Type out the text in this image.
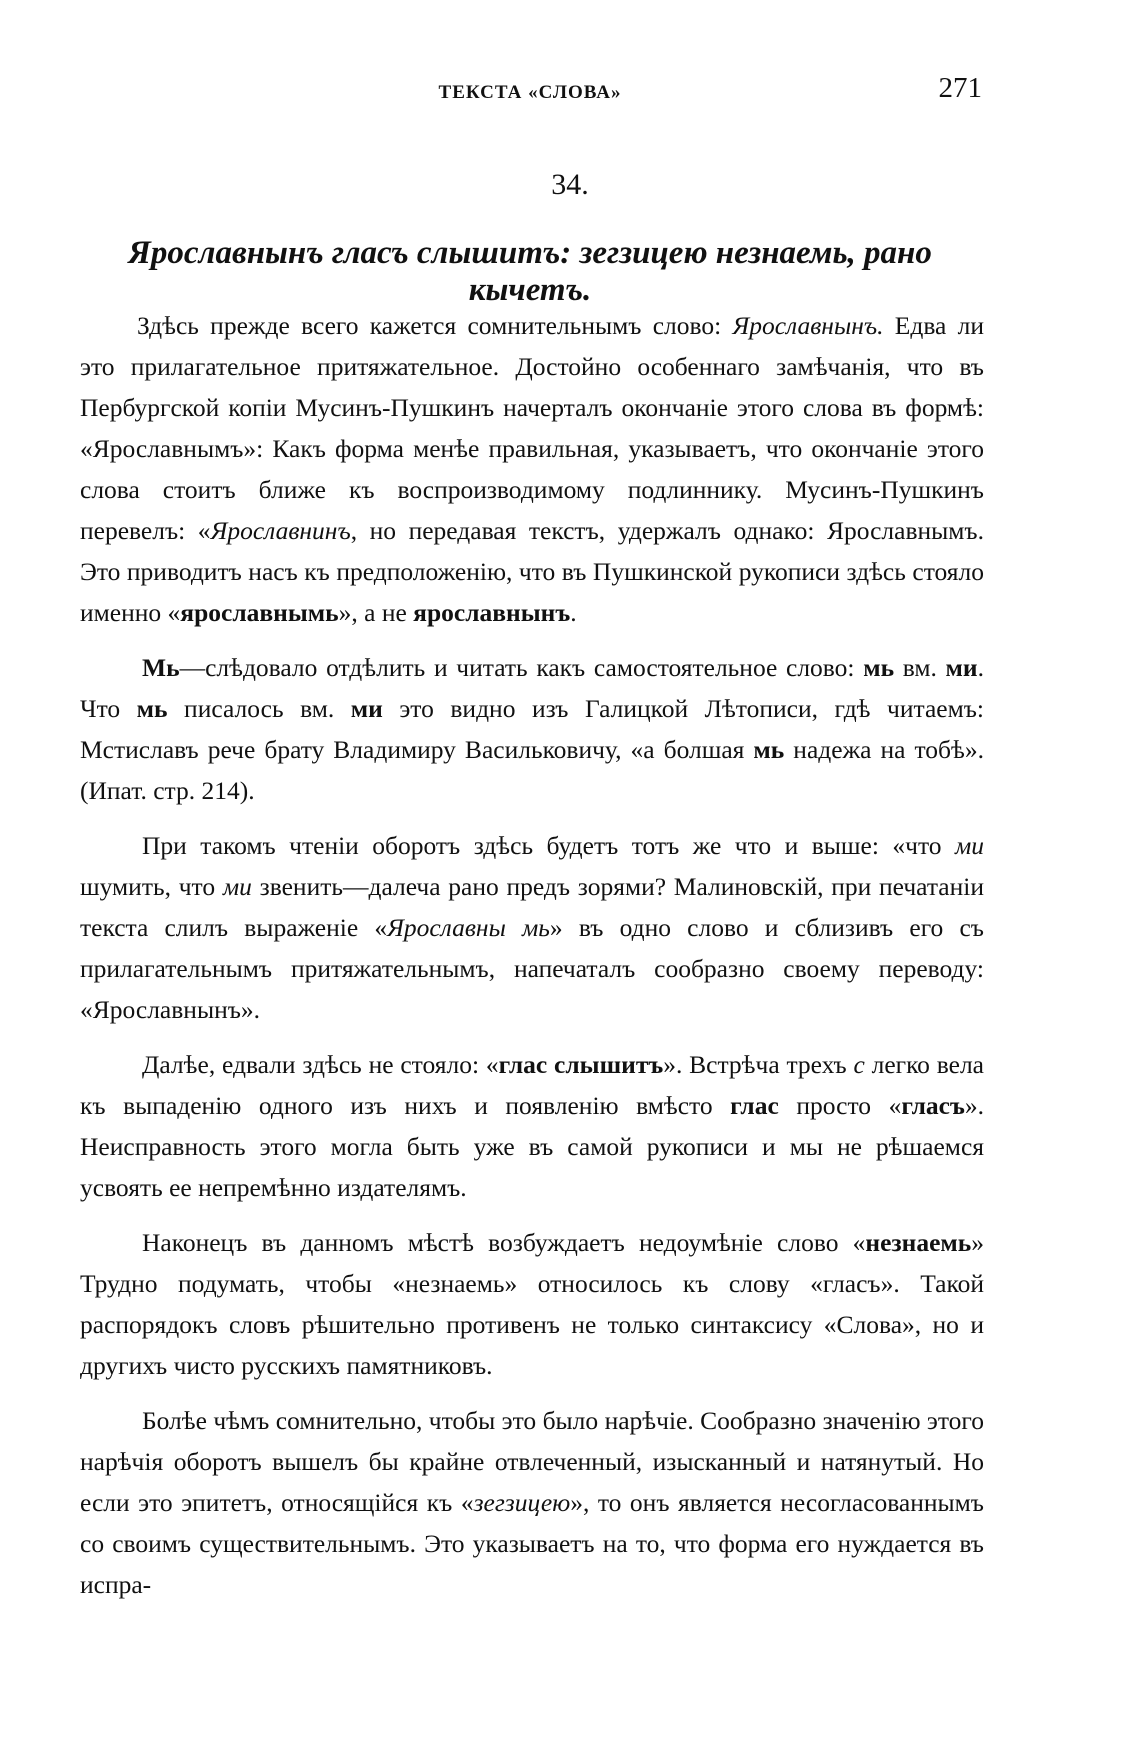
ТЕКСТА «СЛОВА»	271
34.
Ярославнынъ гласъ слышитъ: зегзицею незнаемь, рано кычетъ.

Здѣсь прежде всего кажется сомнительнымъ слово: Ярославнынъ. Едва ли это прилагательное притяжательное. Достойно особеннаго замѣчанія, что въ Пербургской копіи Мусинъ-Пушкинъ начерталъ окончаніе этого слова въ формѣ: «Ярославнымъ»: Какъ форма менѣе правильная, указываетъ, что окончаніе этого слова стоитъ ближе къ воспроизводимому подлиннику. Мусинъ-Пушкинъ перевелъ: «Ярославнинъ, но передавая текстъ, удержалъ однако: Ярославнымъ. Это приводитъ насъ къ предположенію, что въ Пушкинской рукописи здѣсь стояло именно «ярославнымь», а не ярославнынъ.

Мь—слѣдовало отдѣлить и читать какъ самостоятельное слово: мь вм. ми. Что мь писалось вм. ми это видно изъ Галицкой Лѣтописи, гдѣ читаемъ: Мстиславъ рече брату Владимиру Васильковичу, «а болшая мь надежа на тобѣ». (Ипат. стр. 214).

При такомъ чтеніи оборотъ здѣсь будетъ тотъ же что и выше: «что ми шумить, что ми звенить—далеча рано предъ зорями? Малиновскій, при печатаніи текста слилъ выраженіе «Ярославны мь» въ одно слово и сблизивъ его съ прилагательнымъ притяжательнымъ, напечаталъ сообразно своему переводу: «Ярославнынъ».

Далѣе, едвали здѣсь не стояло: «глас слышитъ». Встрѣча трехъ с легко вела къ выпаденію одного изъ нихъ и появленію вмѣсто глас просто «гласъ». Неисправность этого могла быть уже въ самой рукописи и мы не рѣшаемся усвоять ее непремѣнно издателямъ.

Наконецъ въ данномъ мѣстѣ возбуждаетъ недоумѣніе слово «незнаемь» Трудно подумать, чтобы «незнаемь» относилось къ слову «гласъ». Такой распорядокъ словъ рѣшительно противенъ не только синтаксису «Слова», но и другихъ чисто русскихъ памятниковъ.

Болѣе чѣмъ сомнительно, чтобы это было нарѣчіе. Сообразно значенію этого нарѣчія оборотъ вышелъ бы крайне отвлеченный, изысканный и натянутый. Но если это эпитетъ, относящійся къ «зегзицею», то онъ является несогласованнымъ со своимъ существительнымъ. Это указываетъ на то, что форма его нуждается въ испра-
